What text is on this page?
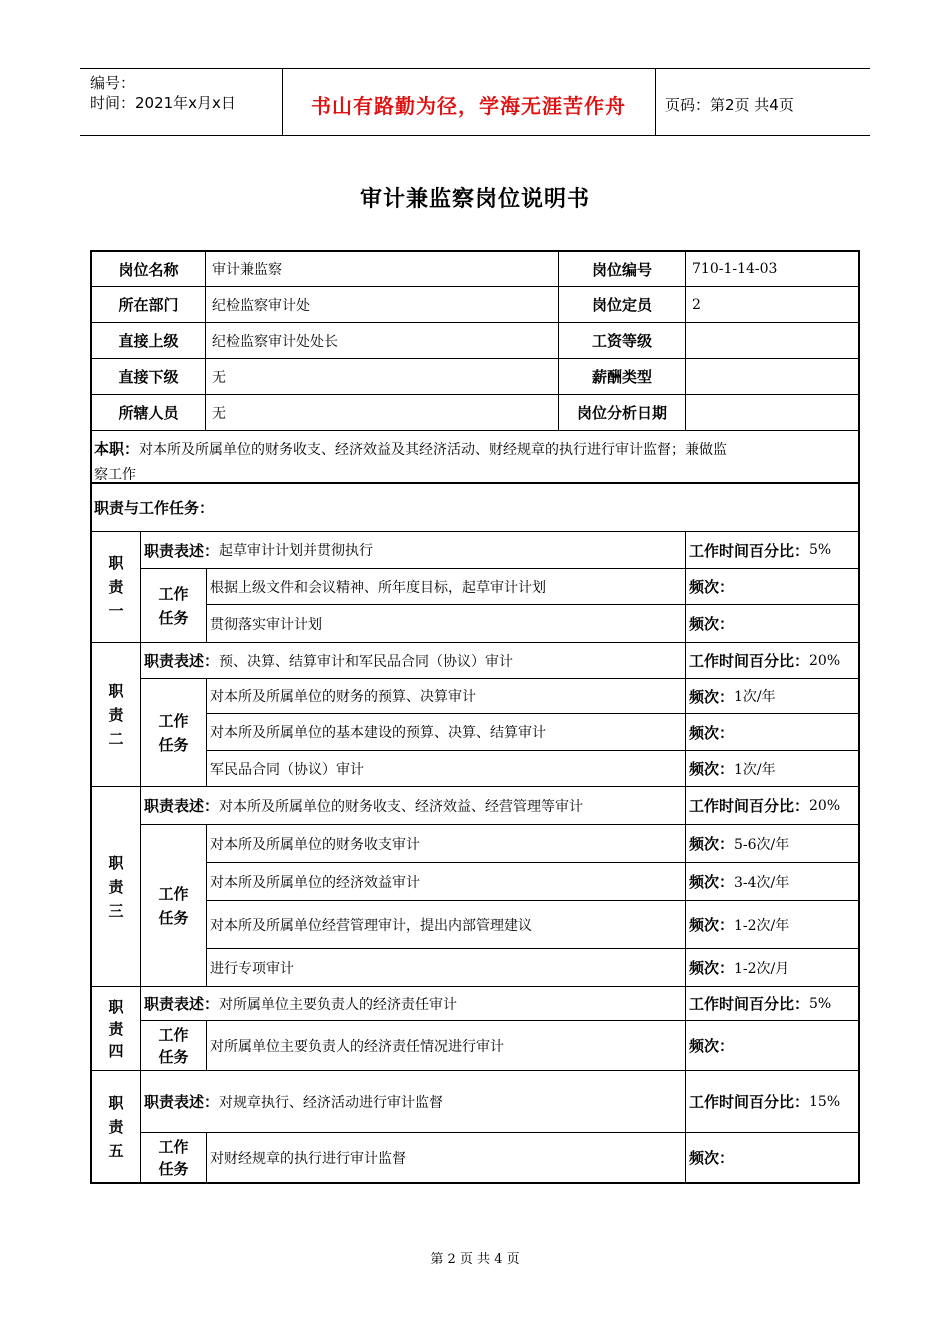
编号：
时间：2021年x月x日	书山有路勤为径，学海无涯苦作舟	页码：第2页 共4页
审计兼监察岗位说明书
岗位名称	审计兼监察	岗位编号	710-1-14-03
所在部门	纪检监察审计处	岗位定员	2
直接上级	纪检监察审计处处长	工资等级
直接下级	无	薪酬类型
所辖人员	无	岗位分析日期
本职：对本所及所属单位的财务收支、经济效益及其经济活动、财经规章的执行进行审计监督；兼做监
察工作
职责与工作任务：
职
责
一
职责表述： 起草审计计划并贯彻执行	工作时间百分比： 5%
工作
任务
根据上级文件和会议精神、所年度目标，起草审计计划	频次：
贯彻落实审计计划	频次：
职
责
二
职责表述： 预、决算、结算审计和军民品合同（协议）审计	工作时间百分比： 20%
工作
任务
对本所及所属单位的财务的预算、决算审计	频次： 1次/年
对本所及所属单位的基本建设的预算、决算、结算审计	频次：
军民品合同（协议）审计	频次： 1次/年
职
责
三
职责表述： 对本所及所属单位的财务收支、经济效益、经营管理等审计	工作时间百分比： 20%
工作
任务
对本所及所属单位的财务收支审计	频次： 5-6次/年
对本所及所属单位的经济效益审计	频次： 3-4次/年
对本所及所属单位经营管理审计，提出内部管理建议	频次： 1-2次/年
进行专项审计	频次： 1-2次/月
职
责
四
职责表述： 对所属单位主要负责人的经济责任审计	工作时间百分比： 5%
工作
任务
对所属单位主要负责人的经济责任情况进行审计	频次：
职
责
五
职责表述： 对规章执行、经济活动进行审计监督	工作时间百分比： 15%
工作
任务
对财经规章的执行进行审计监督	频次：
第 2 页 共 4 页
